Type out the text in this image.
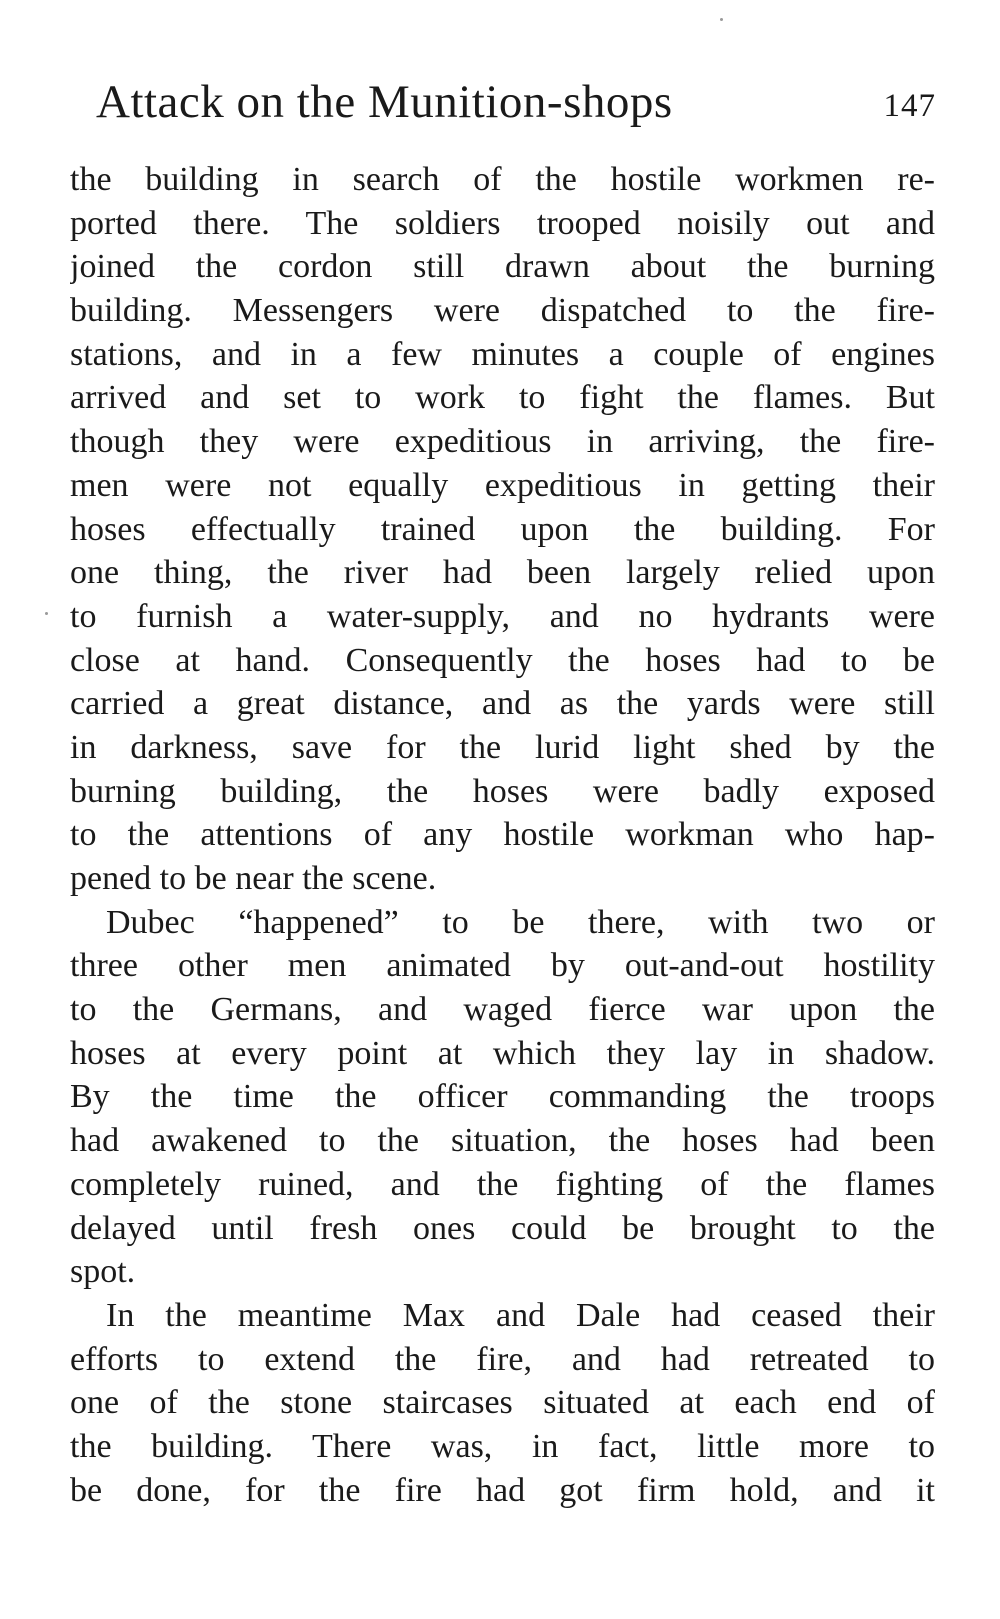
Attack on the Munition-shops	147
the building in search of the hostile workmen re-
ported there. The soldiers trooped noisily out and
joined the cordon still drawn about the burning
building. Messengers were dispatched to the fire-
stations, and in a few minutes a couple of engines
arrived and set to work to fight the flames. But
though they were expeditious in arriving, the fire-
men were not equally expeditious in getting their
hoses effectually trained upon the building. For
one thing, the river had been largely relied upon
to furnish a water-supply, and no hydrants were
close at hand. Consequently the hoses had to be
carried a great distance, and as the yards were still
in darkness, save for the lurid light shed by the
burning building, the hoses were badly exposed
to the attentions of any hostile workman who hap-
pened to be near the scene.
Dubec “happened” to be there, with two or
three other men animated by out-and-out hostility
to the Germans, and waged fierce war upon the
hoses at every point at which they lay in shadow.
By the time the officer commanding the troops
had awakened to the situation, the hoses had been
completely ruined, and the fighting of the flames
delayed until fresh ones could be brought to the
spot.
In the meantime Max and Dale had ceased their
efforts to extend the fire, and had retreated to
one of the stone staircases situated at each end of
the building. There was, in fact, little more to
be done, for the fire had got firm hold, and it
